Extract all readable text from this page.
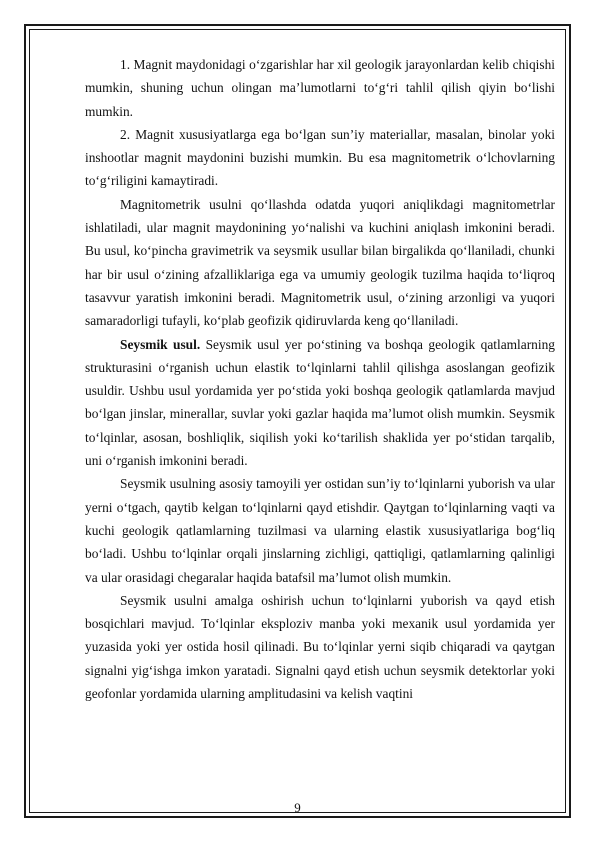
1. Magnit maydonidagi o‘zgarishlar har xil geologik jarayonlardan kelib chiqishi mumkin, shuning uchun olingan ma’lumotlarni to‘g‘ri tahlil qilish qiyin bo‘lishi mumkin.

2. Magnit xususiyatlarga ega bo‘lgan sun’iy materiallar, masalan, binolar yoki inshootlar magnit maydonini buzishi mumkin. Bu esa magnitometrik o‘lchovlarning to‘g‘riligini kamaytiradi.

Magnitometrik usulni qo‘llashda odatda yuqori aniqlikdagi magnitometrlar ishlatiladi, ular magnit maydonining yo‘nalishi va kuchini aniqlash imkonini beradi. Bu usul, ko‘pincha gravimetrik va seysmik usullar bilan birgalikda qo‘llaniladi, chunki har bir usul o‘zining afzalliklariga ega va umumiy geologik tuzilma haqida to‘liqroq tasavvur yaratish imkonini beradi. Magnitometrik usul, o‘zining arzonligi va yuqori samaradorligi tufayli, ko‘plab geofizik qidiruvlarda keng qo‘llaniladi.

Seysmik usul. Seysmik usul yer po‘stining va boshqa geologik qatlamlarning strukturasini o‘rganish uchun elastik to‘lqinlarni tahlil qilishga asoslangan geofizik usuldir. Ushbu usul yordamida yer po‘stida yoki boshqa geologik qatlamlarda mavjud bo‘lgan jinslar, minerallar, suvlar yoki gazlar haqida ma’lumot olish mumkin. Seysmik to‘lqinlar, asosan, boshliqlik, siqilish yoki ko‘tarilish shaklida yer po‘stidan tarqalib, uni o‘rganish imkonini beradi.

Seysmik usulning asosiy tamoyili yer ostidan sun’iy to‘lqinlarni yuborish va ular yerni o‘tgach, qaytib kelgan to‘lqinlarni qayd etishdir. Qaytgan to‘lqinlarning vaqti va kuchi geologik qatlamlarning tuzilmasi va ularning elastik xususiyatlariga bog‘liq bo‘ladi. Ushbu to‘lqinlar orqali jinslarning zichligi, qattiqligi, qatlamlarning qalinligi va ular orasidagi chegaralar haqida batafsil ma’lumot olish mumkin.

Seysmik usulni amalga oshirish uchun to‘lqinlarni yuborish va qayd etish bosqichlari mavjud. To‘lqinlar eksploziv manba yoki mexanik usul yordamida yer yuzasida yoki yer ostida hosil qilinadi. Bu to‘lqinlar yerni siqib chiqaradi va qaytgan signalni yig‘ishga imkon yaratadi. Signalni qayd etish uchun seysmik detektorlar yoki geofonlar yordamida ularning amplitudasini va kelish vaqtini

9
